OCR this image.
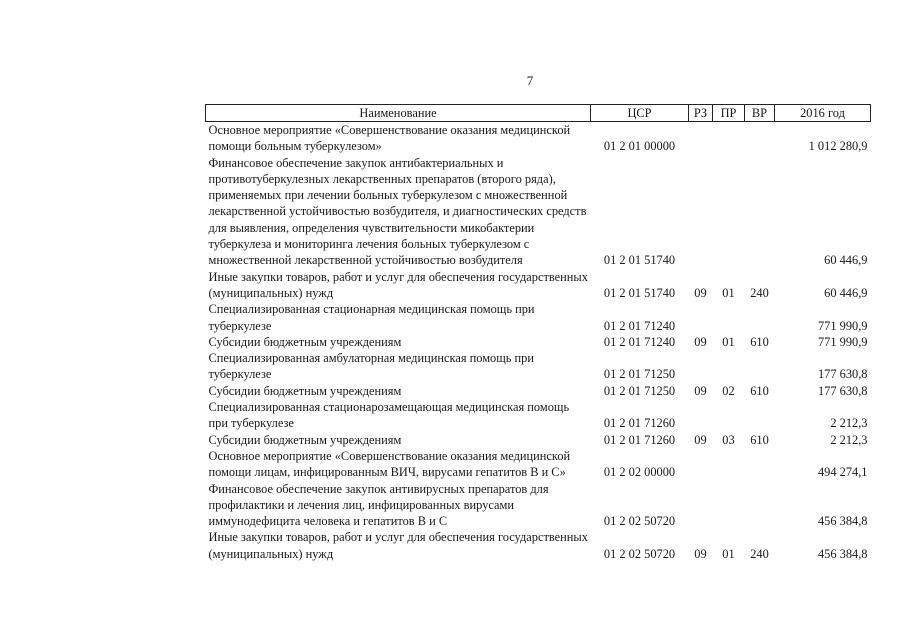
7
Наименование	ЦСР	РЗ	ПР	ВР	2016 год
Основное мероприятие «Совершенствование оказания медицинской помощи больным туберкулезом»	01 2 01 00000				1 012 280,9
Финансовое обеспечение закупок антибактериальных и противотуберкулезных лекарственных препаратов (второго ряда), применяемых при лечении больных туберкулезом с множественной лекарственной устойчивостью возбудителя, и диагностических средств для выявления, определения чувствительности микобактерии туберкулеза и мониторинга лечения больных туберкулезом с множественной лекарственной устойчивостью возбудителя	01 2 01 51740				60 446,9
Иные закупки товаров, работ и услуг для обеспечения государственных (муниципальных) нужд	01 2 01 51740	09	01	240	60 446,9
Специализированная стационарная медицинская помощь при туберкулезе	01 2 01 71240				771 990,9
Субсидии бюджетным учреждениям	01 2 01 71240	09	01	610	771 990,9
Специализированная амбулаторная медицинская помощь при туберкулезе	01 2 01 71250				177 630,8
Субсидии бюджетным учреждениям	01 2 01 71250	09	02	610	177 630,8
Специализированная стационарозамещающая медицинская помощь при туберкулезе	01 2 01 71260				2 212,3
Субсидии бюджетным учреждениям	01 2 01 71260	09	03	610	2 212,3
Основное мероприятие «Совершенствование оказания медицинской помощи лицам, инфицированным ВИЧ, вирусами гепатитов В и С»	01 2 02 00000				494 274,1
Финансовое обеспечение закупок антивирусных препаратов для профилактики и лечения лиц, инфицированных вирусами иммунодефицита человека и гепатитов В и С	01 2 02 50720				456 384,8
Иные закупки товаров, работ и услуг для обеспечения государственных (муниципальных) нужд	01 2 02 50720	09	01	240	456 384,8
